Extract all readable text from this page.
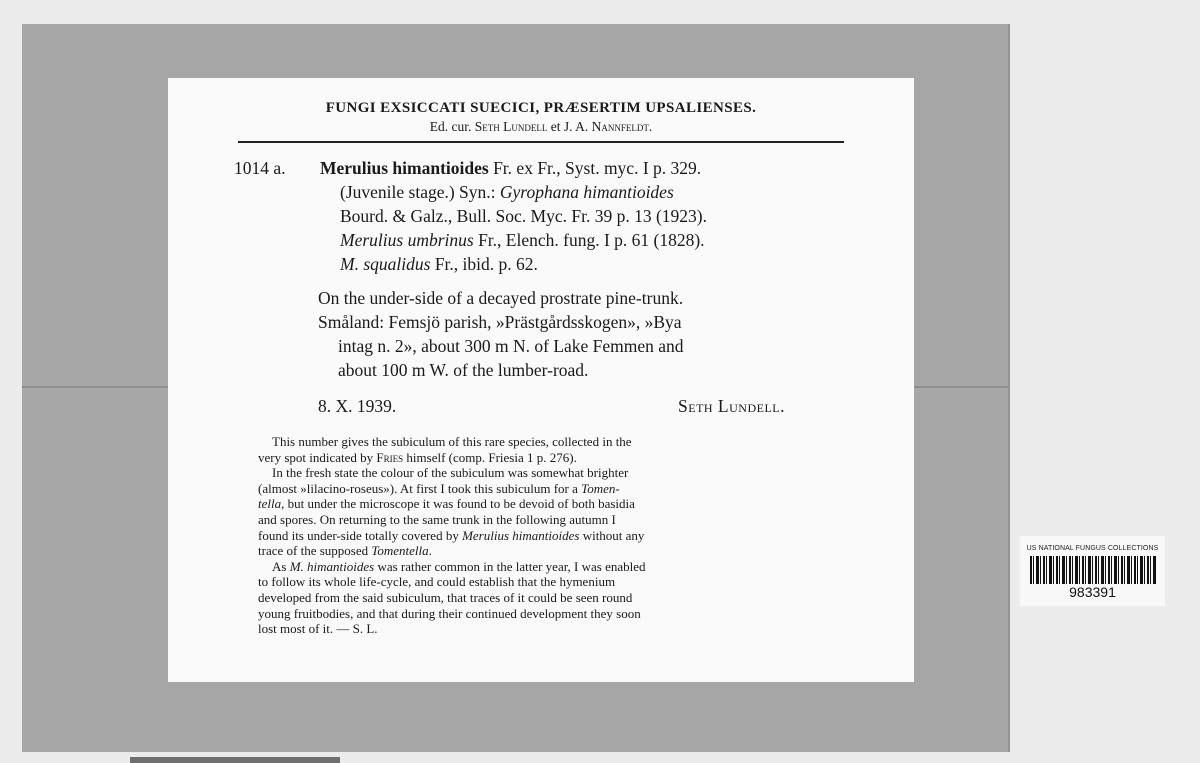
FUNGI EXSICCATI SUECICI, PRÆSERTIM UPSALIENSES.
Ed. cur. Seth Lundell et J. A. Nannfeldt.
1014 a. Merulius himantioides Fr. ex Fr., Syst. myc. I p. 329.
(Juvenile stage.) Syn.: Gyrophana himantioides
Bourd. & Galz., Bull. Soc. Myc. Fr. 39 p. 13 (1923).
Merulius umbrinus Fr., Elench. fung. I p. 61 (1828).
M. squalidus Fr., ibid. p. 62.
On the under-side of a decayed prostrate pine-trunk.
Småland: Femsjö parish, »Prästgårdsskogen», »Bya
intag n. 2», about 300 m N. of Lake Femmen and
about 100 m W. of the lumber-road.
8. X. 1939.	Seth Lundell.
This number gives the subiculum of this rare species, collected in the
very spot indicated by Fries himself (comp. Friesia 1 p. 276).
In the fresh state the colour of the subiculum was somewhat brighter
(almost »lilacino-roseus»). At first I took this subiculum for a Tomen-
tella, but under the microscope it was found to be devoid of both basidia
and spores. On returning to the same trunk in the following autumn I
found its under-side totally covered by Merulius himantioides without any
trace of the supposed Tomentella.
As M. himantioides was rather common in the latter year, I was enabled
to follow its whole life-cycle, and could establish that the hymenium
developed from the said subiculum, that traces of it could be seen round
young fruitbodies, and that during their continued development they soon
lost most of it. — S. L.
US NATIONAL FUNGUS COLLECTIONS
983391
